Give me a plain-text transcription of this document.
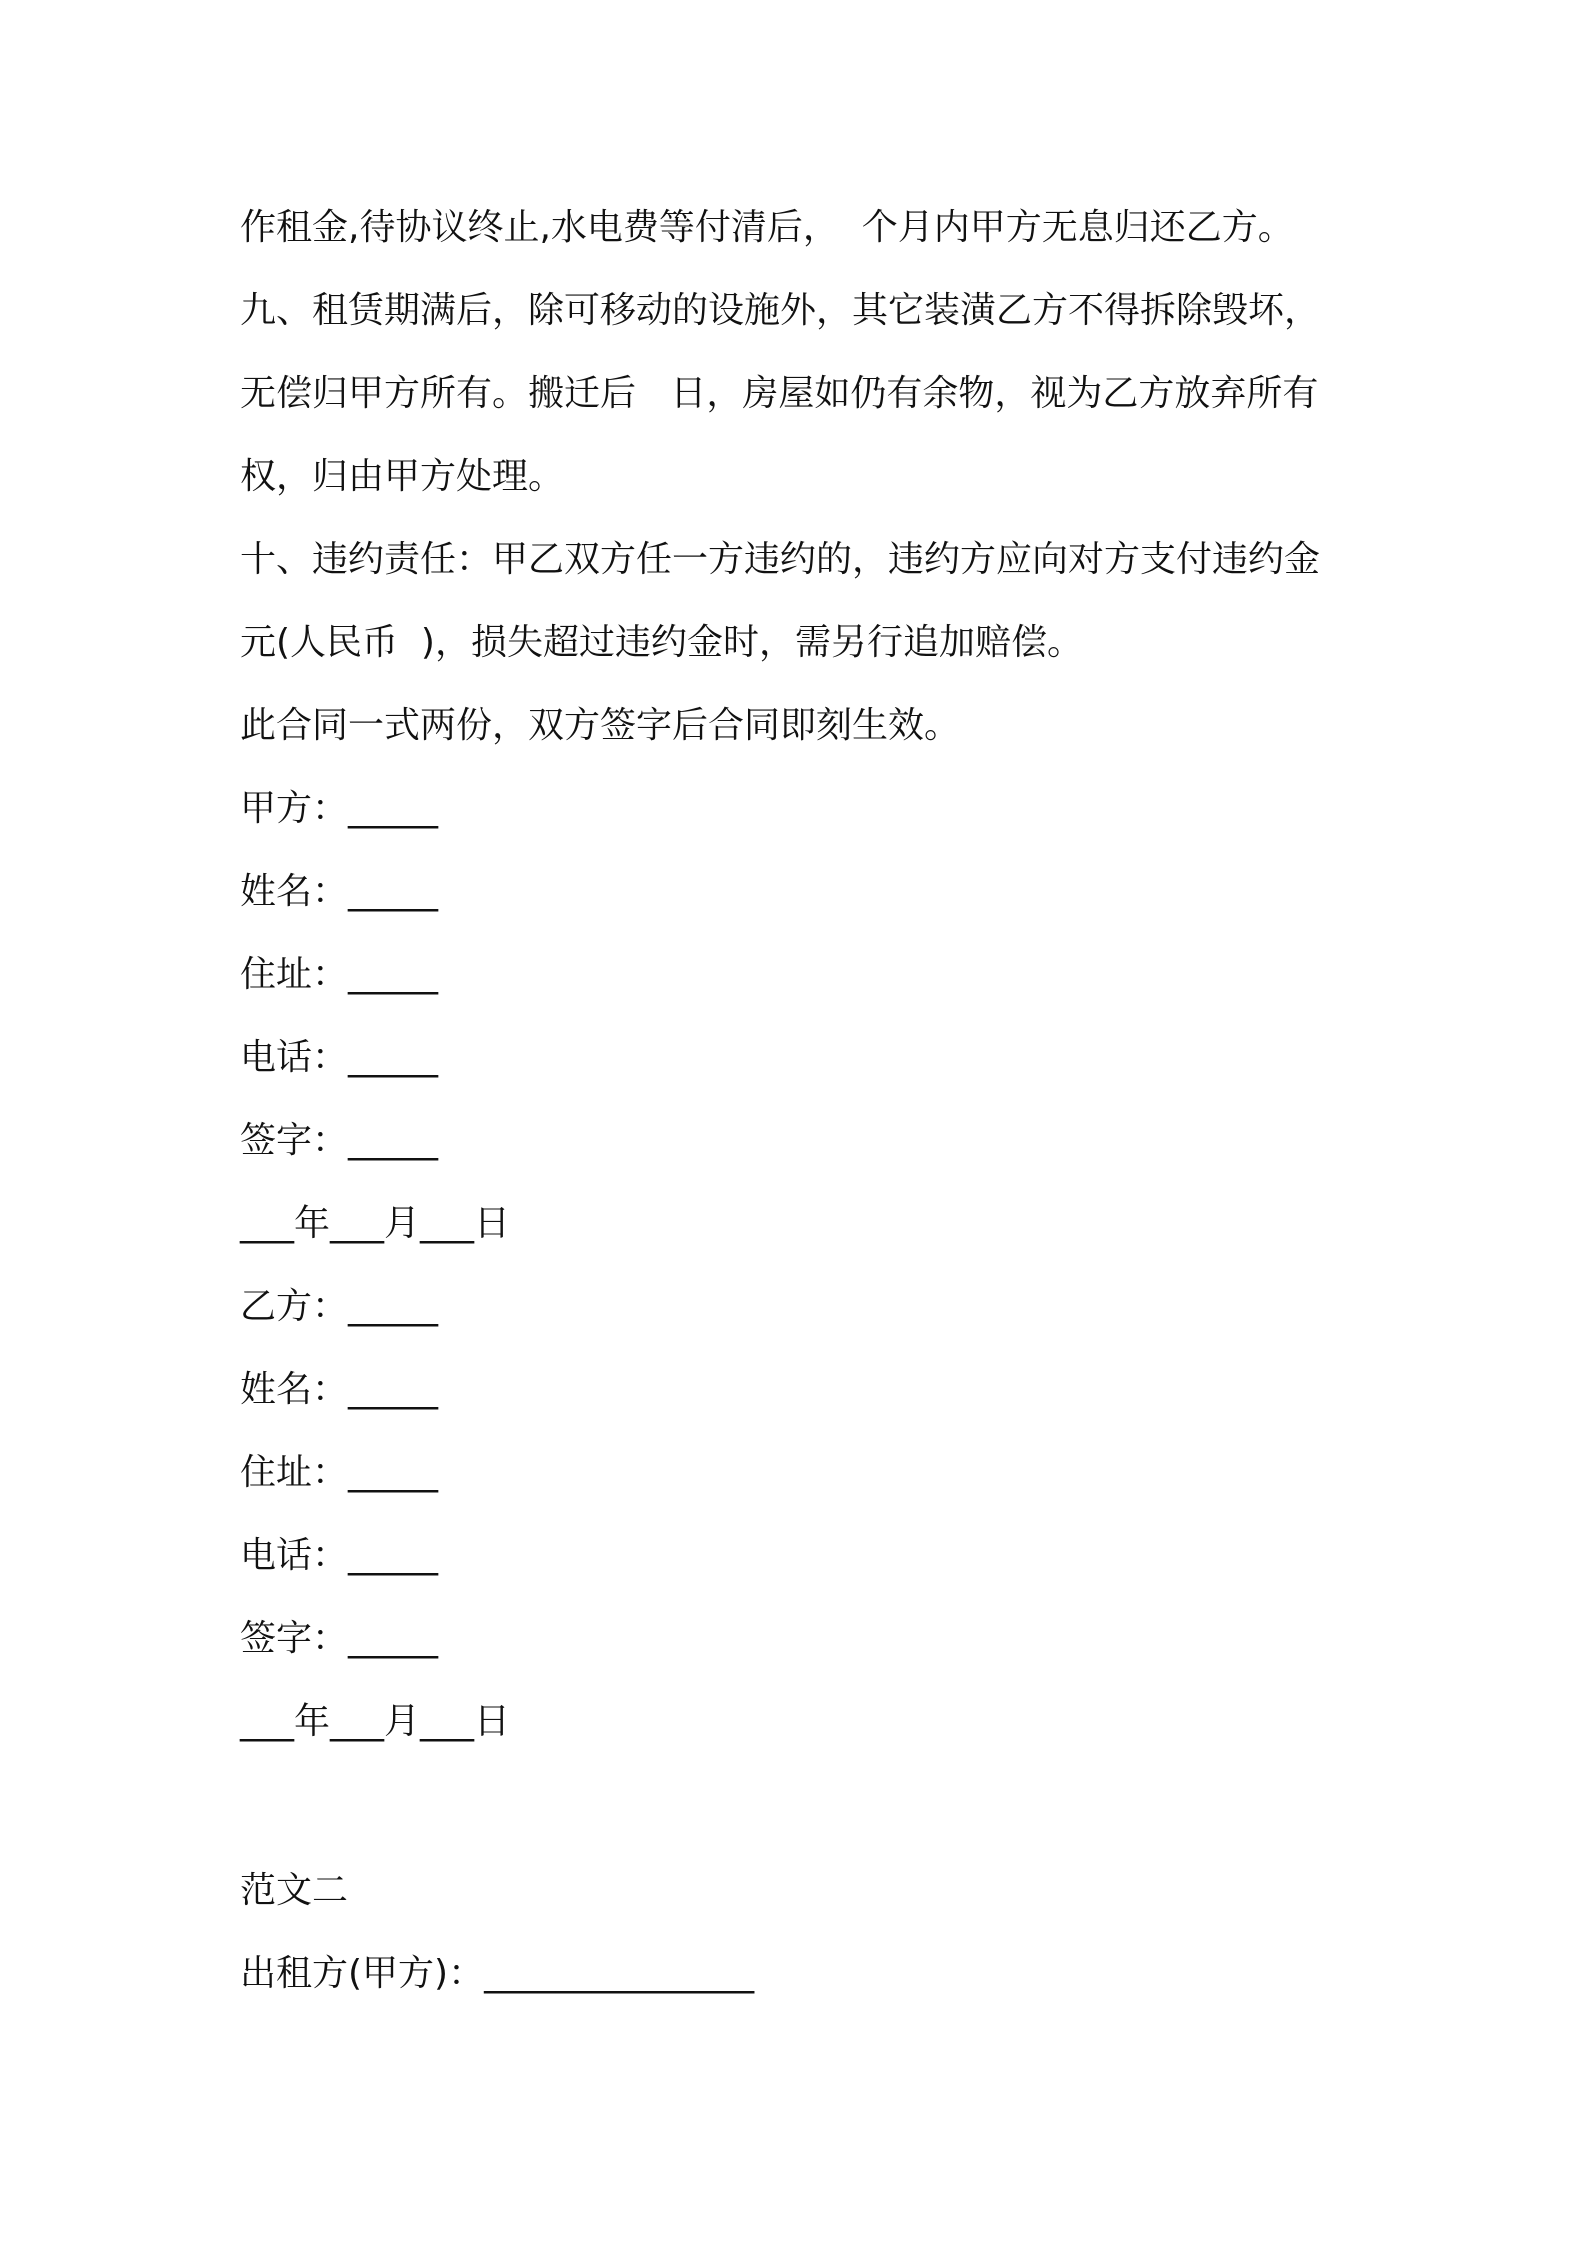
作租金,待协议终止,水电费等付清后，  个月内甲方无息归还乙方。
九、租赁期满后，除可移动的设施外，其它装潢乙方不得拆除毁坏，
无偿归甲方所有。搬迁后   日，房屋如仍有余物，视为乙方放弃所有
权，归由甲方处理。
十、违约责任：甲乙双方任一方违约的，违约方应向对方支付违约金
元(人民币  )，损失超过违约金时，需另行追加赔偿。
此合同一式两份，双方签字后合同即刻生效。
甲方：_____
姓名：_____
住址：_____
电话：_____
签字：_____
___年___月___日
乙方：_____
姓名：_____
住址：_____
电话：_____
签字：_____
___年___月___日
范文二
出租方(甲方)：_______________
